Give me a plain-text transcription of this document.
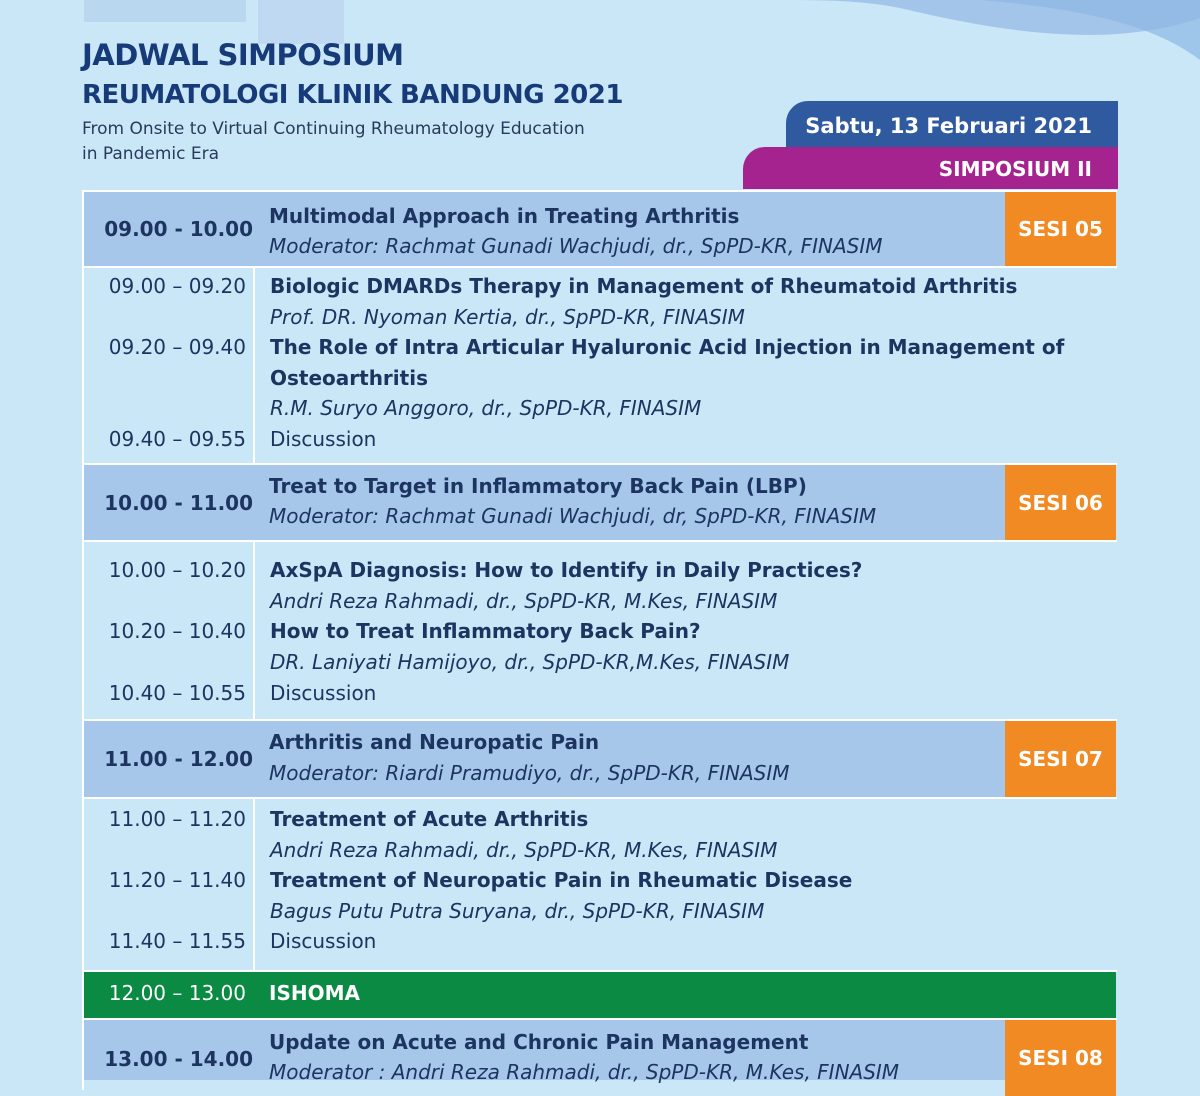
JADWAL SIMPOSIUM
REUMATOLOGI KLINIK BANDUNG 2021
From Onsite to Virtual Continuing Rheumatology Education
in Pandemic Era
Sabtu, 13 Februari 2021
SIMPOSIUM II
09.00 - 10.00
Multimodal Approach in Treating Arthritis
Moderator: Rachmat Gunadi Wachjudi, dr., SpPD-KR, FINASIM
SESI 05
09.00 – 09.20 Biologic DMARDs Therapy in Management of Rheumatoid Arthritis
Prof. DR. Nyoman Kertia, dr., SpPD-KR, FINASIM
09.20 – 09.40 The Role of Intra Articular Hyaluronic Acid Injection in Management of
Osteoarthritis
R.M. Suryo Anggoro, dr., SpPD-KR, FINASIM
09.40 – 09.55 Discussion
10.00 - 11.00
Treat to Target in Inflammatory Back Pain (LBP)
Moderator: Rachmat Gunadi Wachjudi, dr, SpPD-KR, FINASIM
SESI 06
10.00 – 10.20 AxSpA Diagnosis: How to Identify in Daily Practices?
Andri Reza Rahmadi, dr., SpPD-KR, M.Kes, FINASIM
10.20 – 10.40 How to Treat Inflammatory Back Pain?
DR. Laniyati Hamijoyo, dr., SpPD-KR,M.Kes, FINASIM
10.40 – 10.55 Discussion
11.00 - 12.00
Arthritis and Neuropatic Pain
Moderator: Riardi Pramudiyo, dr., SpPD-KR, FINASIM
SESI 07
11.00 – 11.20 Treatment of Acute Arthritis
Andri Reza Rahmadi, dr., SpPD-KR, M.Kes, FINASIM
11.20 – 11.40 Treatment of Neuropatic Pain in Rheumatic Disease
Bagus Putu Putra Suryana, dr., SpPD-KR, FINASIM
11.40 – 11.55 Discussion
12.00 – 13.00 ISHOMA
13.00 - 14.00
Update on Acute and Chronic Pain Management
Moderator : Andri Reza Rahmadi, dr., SpPD-KR, M.Kes, FINASIM
SESI 08
